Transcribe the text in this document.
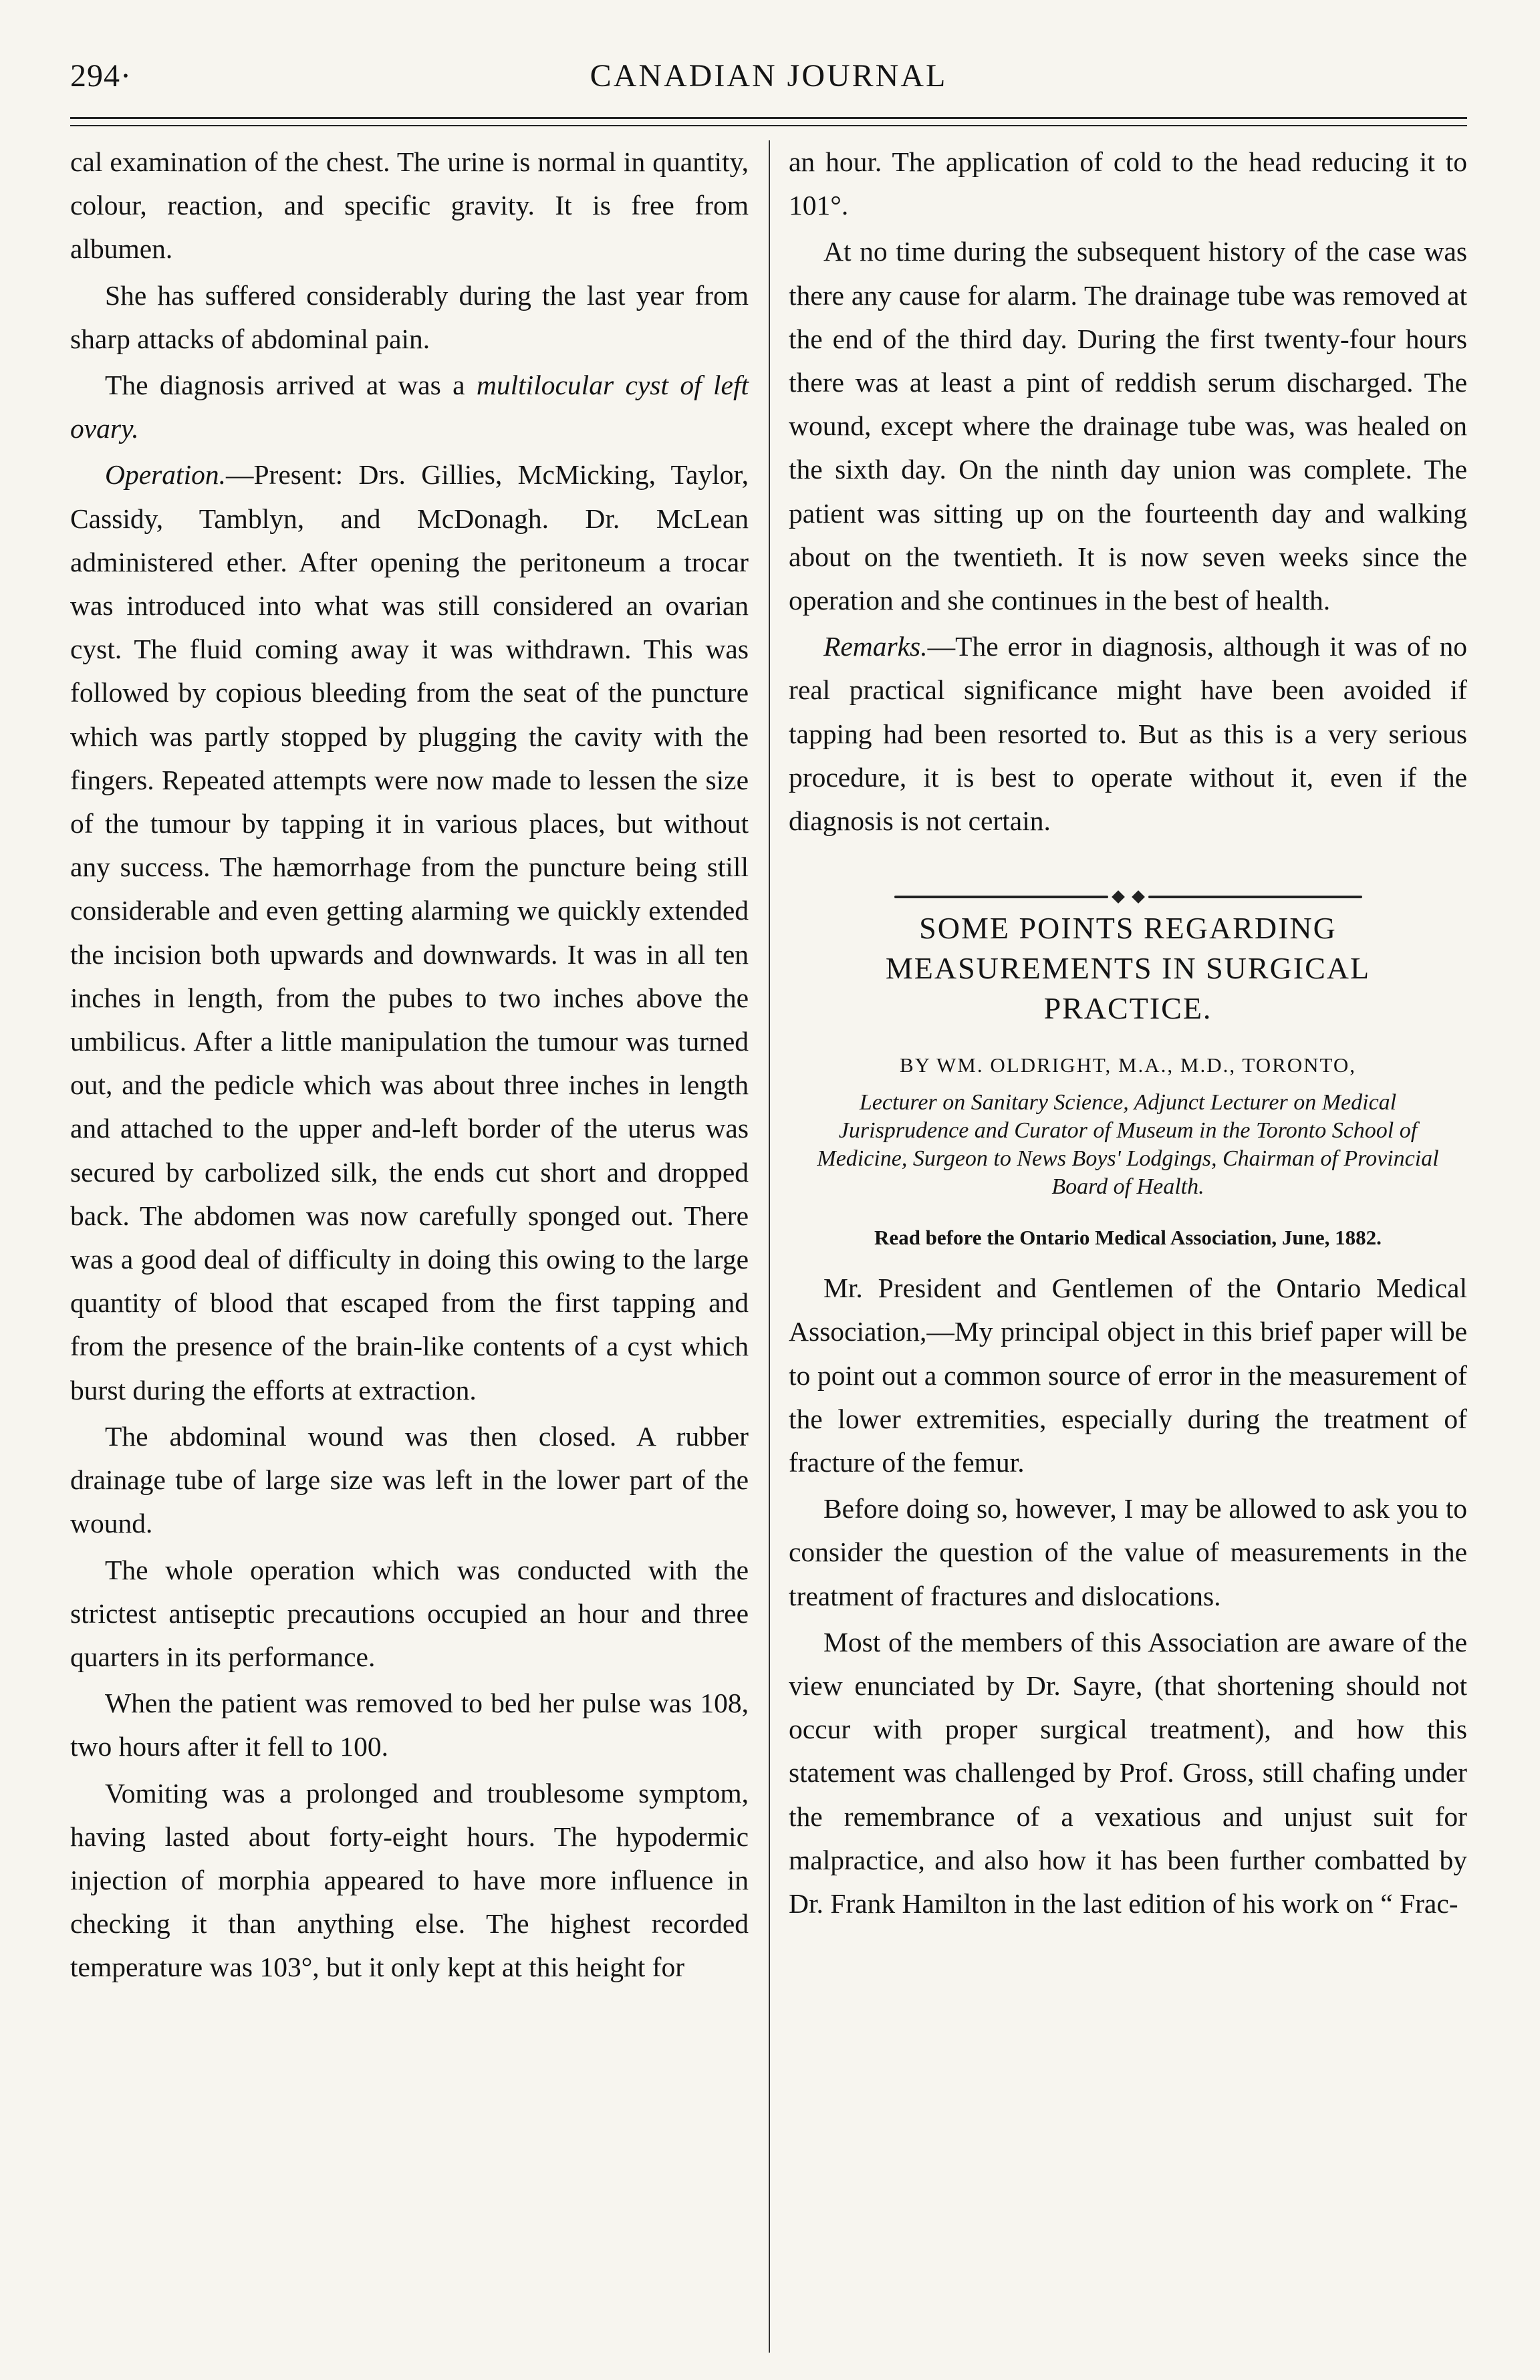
294·	CANADIAN JOURNAL

cal examination of the chest. The urine is normal in quantity, colour, reaction, and specific gravity. It is free from albumen.

She has suffered considerably during the last year from sharp attacks of abdominal pain.

The diagnosis arrived at was a multilocular cyst of left ovary.

Operation.—Present: Drs. Gillies, McMicking, Taylor, Cassidy, Tamblyn, and McDonagh. Dr. McLean administered ether. After opening the peritoneum a trocar was introduced into what was still considered an ovarian cyst. The fluid coming away it was withdrawn. This was followed by copious bleeding from the seat of the puncture which was partly stopped by plugging the cavity with the fingers. Repeated attempts were now made to lessen the size of the tumour by tapping it in various places, but without any success. The hæmorrhage from the puncture being still considerable and even getting alarming we quickly extended the incision both upwards and downwards. It was in all ten inches in length, from the pubes to two inches above the umbilicus. After a little manipulation the tumour was turned out, and the pedicle which was about three inches in length and attached to the upper and-left border of the uterus was secured by carbolized silk, the ends cut short and dropped back. The abdomen was now carefully sponged out. There was a good deal of difficulty in doing this owing to the large quantity of blood that escaped from the first tapping and from the presence of the brain-like contents of a cyst which burst during the efforts at extraction.

The abdominal wound was then closed. A rubber drainage tube of large size was left in the lower part of the wound.

The whole operation which was conducted with the strictest antiseptic precautions occupied an hour and three quarters in its performance.

When the patient was removed to bed her pulse was 108, two hours after it fell to 100.

Vomiting was a prolonged and troublesome symptom, having lasted about forty-eight hours. The hypodermic injection of morphia appeared to have more influence in checking it than anything else. The highest recorded temperature was 103°, but it only kept at this height for

an hour. The application of cold to the head reducing it to 101°.

At no time during the subsequent history of the case was there any cause for alarm. The drainage tube was removed at the end of the third day. During the first twenty-four hours there was at least a pint of reddish serum discharged. The wound, except where the drainage tube was, was healed on the sixth day. On the ninth day union was complete. The patient was sitting up on the fourteenth day and walking about on the twentieth. It is now seven weeks since the operation and she continues in the best of health.

Remarks.—The error in diagnosis, although it was of no real practical significance might have been avoided if tapping had been resorted to. But as this is a very serious procedure, it is best to operate without it, even if the diagnosis is not certain.

SOME POINTS REGARDING MEASUREMENTS IN SURGICAL PRACTICE.
BY WM. OLDRIGHT, M.A., M.D., TORONTO,
Lecturer on Sanitary Science, Adjunct Lecturer on Medical Jurisprudence and Curator of Museum in the Toronto School of Medicine, Surgeon to News Boys' Lodgings, Chairman of Provincial Board of Health.
Read before the Ontario Medical Association, June, 1882.

Mr. President and Gentlemen of the Ontario Medical Association,—My principal object in this brief paper will be to point out a common source of error in the measurement of the lower extremities, especially during the treatment of fracture of the femur.

Before doing so, however, I may be allowed to ask you to consider the question of the value of measurements in the treatment of fractures and dislocations.

Most of the members of this Association are aware of the view enunciated by Dr. Sayre, (that shortening should not occur with proper surgical treatment), and how this statement was challenged by Prof. Gross, still chafing under the remembrance of a vexatious and unjust suit for malpractice, and also how it has been further combatted by Dr. Frank Hamilton in the last edition of his work on “ Frac-
